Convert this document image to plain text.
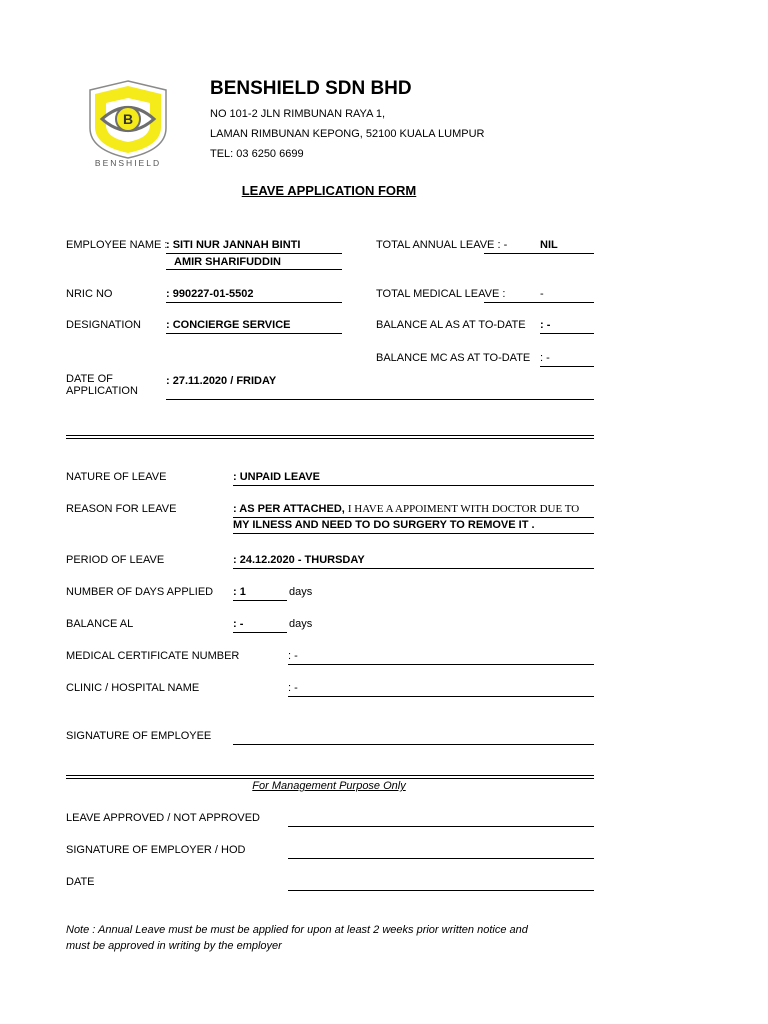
B
BENSHIELD
BENSHIELD SDN BHD
NO 101-2 JLN RIMBUNAN RAYA 1,
LAMAN RIMBUNAN KEPONG, 52100 KUALA LUMPUR
TEL: 03 6250 6699
LEAVE APPLICATION FORM
EMPLOYEE NAME :
: SITI NUR JANNAH BINTI
AMIR SHARIFUDDIN
NRIC NO	: 990227-01-5502
DESIGNATION : CONCIERGE SERVICE
DATE OF
APPLICATION
: 27.11.2020 / FRIDAY
TOTAL ANNUAL LEAVE : -	NIL
TOTAL MEDICAL LEAVE :	-
BALANCE AL AS AT TO-DATE : -
BALANCE MC AS AT TO-DATE : -
NATURE OF LEAVE	: UNPAID LEAVE
REASON FOR LEAVE	: AS PER ATTACHED, I HAVE A APPOIMENT WITH DOCTOR DUE TO
MY ILNESS AND NEED TO DO SURGERY TO REMOVE IT .
PERIOD OF LEAVE	: 24.12.2020 - THURSDAY
NUMBER OF DAYS APPLIED : 1	days
BALANCE AL	: -	days
MEDICAL CERTIFICATE NUMBER	: -
CLINIC / HOSPITAL NAME	: -
SIGNATURE OF EMPLOYEE
For Management Purpose Only
LEAVE APPROVED / NOT APPROVED
SIGNATURE OF EMPLOYER / HOD
DATE
Note : Annual Leave must be must be applied for upon at least 2 weeks prior written notice and
must be approved in writing by the employer
